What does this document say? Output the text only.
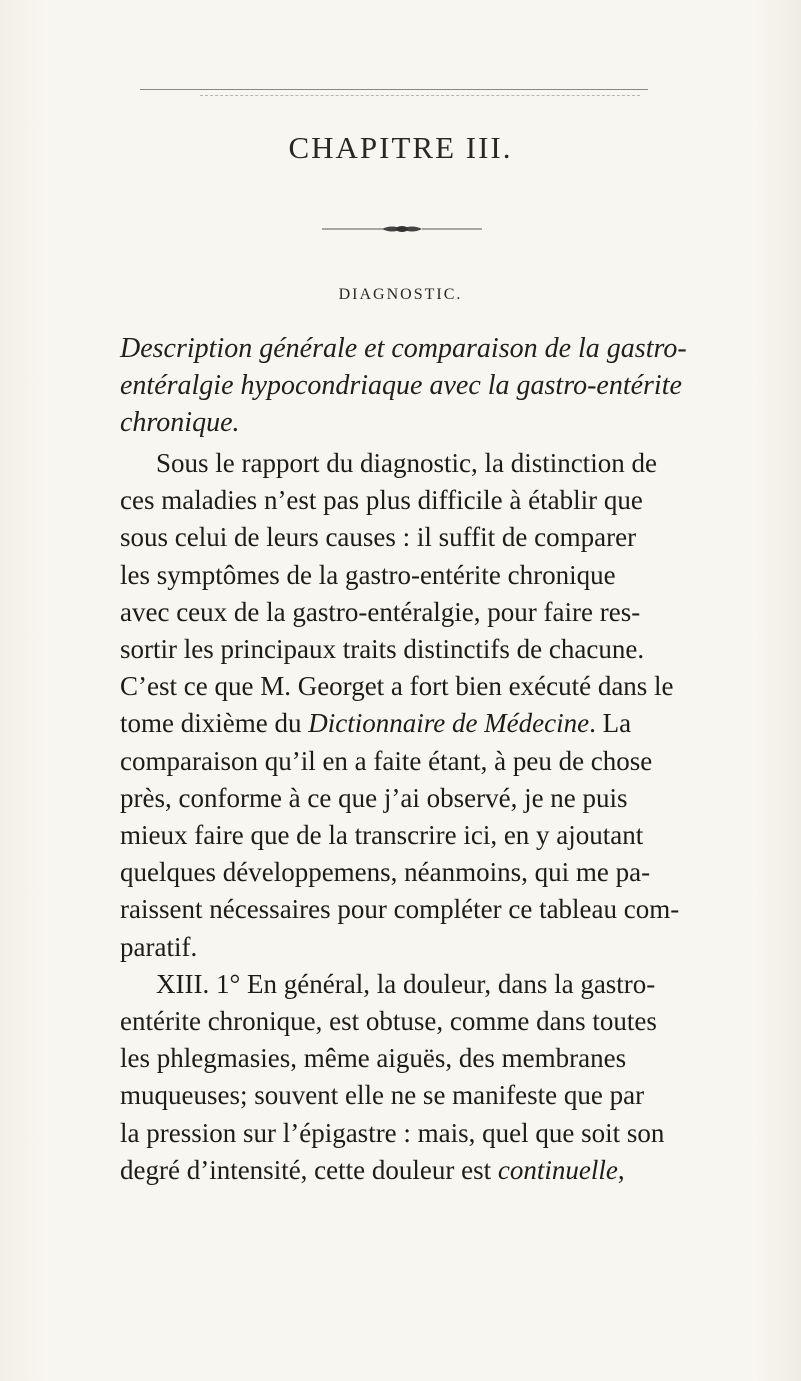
CHAPITRE III.
DIAGNOSTIC.
Description générale et comparaison de la gastro-
entéralgie hypocondriaque avec la gastro-entérite
chronique.
Sous le rapport du diagnostic, la distinction de
ces maladies n’est pas plus difficile à établir que
sous celui de leurs causes : il suffit de comparer
les symptômes de la gastro-entérite chronique
avec ceux de la gastro-entéralgie, pour faire res-
sortir les principaux traits distinctifs de chacune.
C’est ce que M. Georget a fort bien exécuté dans le
tome dixième du Dictionnaire de Médecine. La
comparaison qu’il en a faite étant, à peu de chose
près, conforme à ce que j’ai observé, je ne puis
mieux faire que de la transcrire ici, en y ajoutant
quelques développemens, néanmoins, qui me pa-
raissent nécessaires pour compléter ce tableau com-
paratif.
XIII. 1° En général, la douleur, dans la gastro-
entérite chronique, est obtuse, comme dans toutes
les phlegmasies, même aiguës, des membranes
muqueuses; souvent elle ne se manifeste que par
la pression sur l’épigastre : mais, quel que soit son
degré d’intensité, cette douleur est continuelle,
